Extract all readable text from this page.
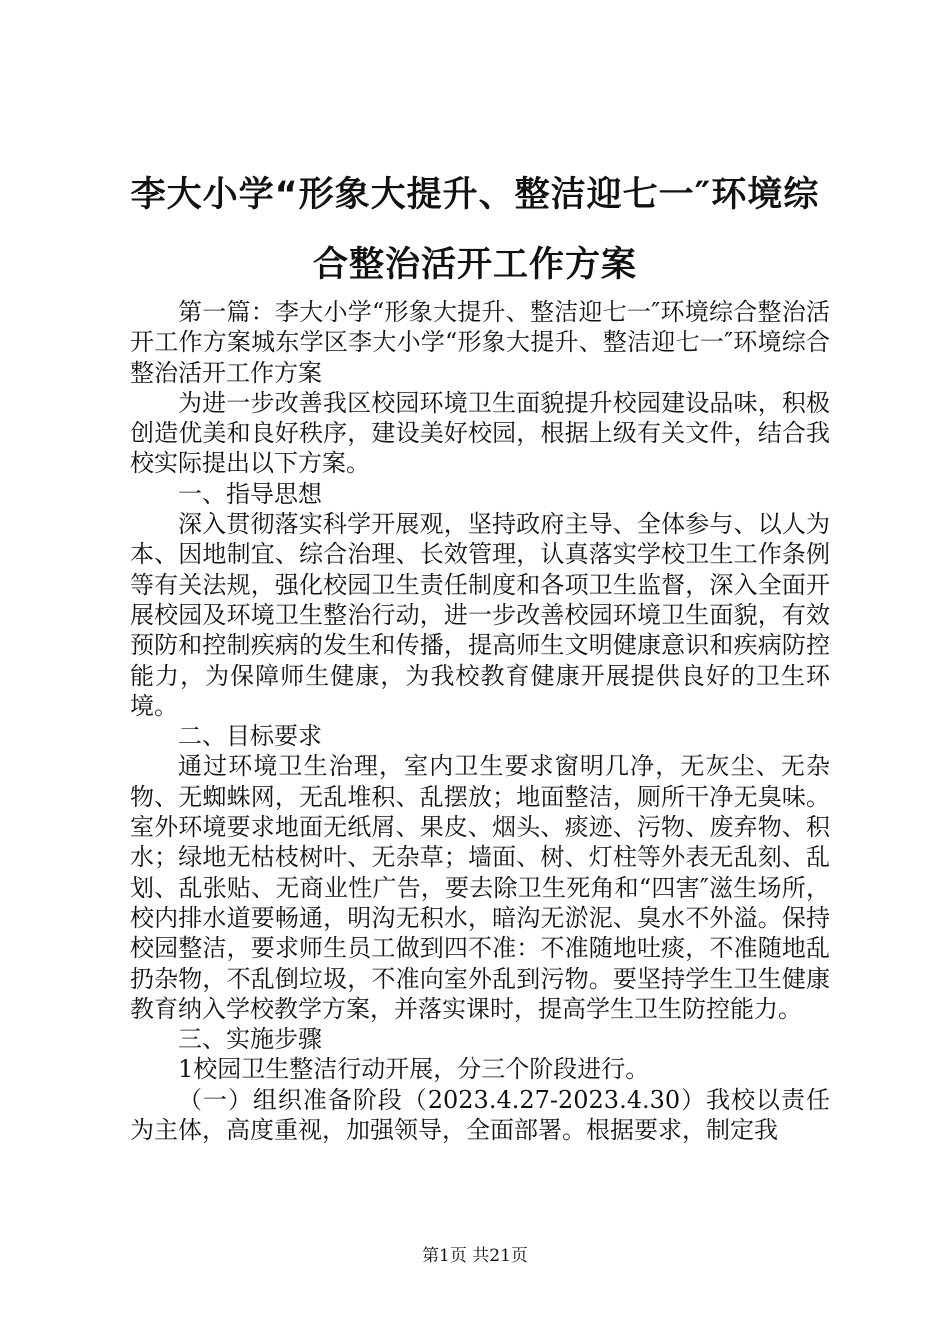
李大小学“形象大提升、整洁迎七一″环境综合整治活开工作方案

第一篇：李大小学“形象大提升、整洁迎七一″环境综合整治活开工作方案城东学区李大小学“形象大提升、整洁迎七一″环境综合整治活开工作方案

为进一步改善我区校园环境卫生面貌提升校园建设品味，积极创造优美和良好秩序，建设美好校园，根据上级有关文件，结合我校实际提出以下方案。

一、指导思想

深入贯彻落实科学开展观，坚持政府主导、全体参与、以人为本、因地制宜、综合治理、长效管理，认真落实学校卫生工作条例等有关法规，强化校园卫生责任制度和各项卫生监督，深入全面开展校园及环境卫生整治行动，进一步改善校园环境卫生面貌，有效预防和控制疾病的发生和传播，提高师生文明健康意识和疾病防控能力，为保障师生健康，为我校教育健康开展提供良好的卫生环境。

二、目标要求

通过环境卫生治理，室内卫生要求窗明几净，无灰尘、无杂物、无蜘蛛网，无乱堆积、乱摆放；地面整洁，厕所干净无臭味。室外环境要求地面无纸屑、果皮、烟头、痰迹、污物、废弃物、积水；绿地无枯枝树叶、无杂草；墙面、树、灯柱等外表无乱刻、乱划、乱张贴、无商业性广告，要去除卫生死角和“四害″滋生场所，校内排水道要畅通，明沟无积水，暗沟无淤泥、臭水不外溢。保持校园整洁，要求师生员工做到四不准：不准随地吐痰，不准随地乱扔杂物，不乱倒垃圾，不准向室外乱到污物。要坚持学生卫生健康教育纳入学校教学方案，并落实课时，提高学生卫生防控能力。

三、实施步骤

1校园卫生整洁行动开展，分三个阶段进行。

（一）组织准备阶段（2023.4.27-2023.4.30）我校以责任为主体，高度重视，加强领导，全面部署。根据要求，制定我

第1页 共21页
